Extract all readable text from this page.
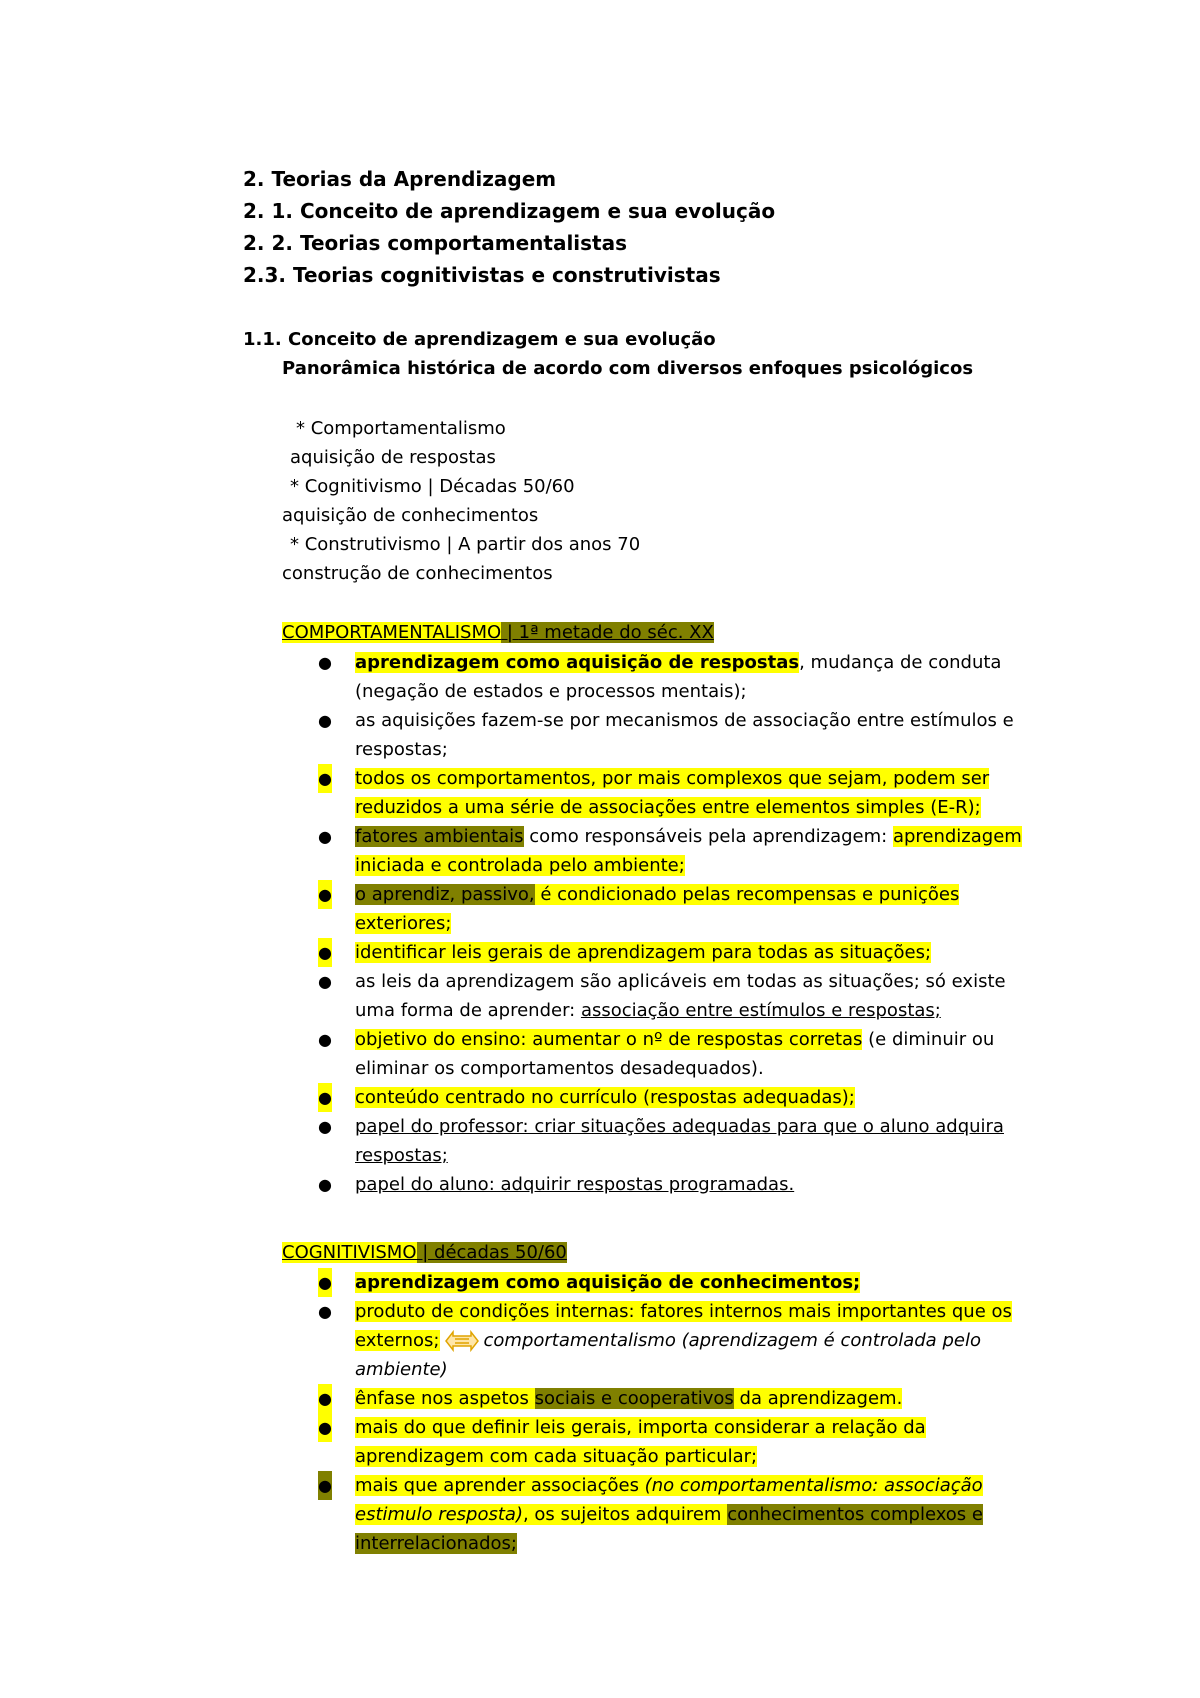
2. Teorias da Aprendizagem
2. 1. Conceito de aprendizagem e sua evolução
2. 2. Teorias comportamentalistas
2.3. Teorias cognitivistas e construtivistas
1.1. Conceito de aprendizagem e sua evolução
Panorâmica histórica de acordo com diversos enfoques psicológicos
* Comportamentalismo
aquisição de respostas
* Cognitivismo | Décadas 50/60
aquisição de conhecimentos
* Construtivismo | A partir dos anos 70
construção de conhecimentos
COMPORTAMENTALISMO | 1ª metade do séc. XX
● aprendizagem como aquisição de respostas, mudança de conduta
(negação de estados e processos mentais);
● as aquisições fazem-se por mecanismos de associação entre estímulos e
respostas;
● todos os comportamentos, por mais complexos que sejam, podem ser
reduzidos a uma série de associações entre elementos simples (E-R);
● fatores ambientais como responsáveis pela aprendizagem: aprendizagem
iniciada e controlada pelo ambiente;
● o aprendiz, passivo, é condicionado pelas recompensas e punições
exteriores;
● identificar leis gerais de aprendizagem para todas as situações;
● as leis da aprendizagem são aplicáveis em todas as situações; só existe
uma forma de aprender: associação entre estímulos e respostas;
● objetivo do ensino: aumentar o nº de respostas corretas (e diminuir ou
eliminar os comportamentos desadequados).
● conteúdo centrado no currículo (respostas adequadas);
● papel do professor: criar situações adequadas para que o aluno adquira
respostas;
● papel do aluno: adquirir respostas programadas.
COGNITIVISMO | décadas 50/60
● aprendizagem como aquisição de conhecimentos;
● produto de condições internas: fatores internos mais importantes que os
externos; comportamentalismo (aprendizagem é controlada pelo
ambiente)
● ênfase nos aspetos sociais e cooperativos da aprendizagem.
● mais do que definir leis gerais, importa considerar a relação da
aprendizagem com cada situação particular;
● mais que aprender associações (no comportamentalismo: associação
estimulo resposta), os sujeitos adquirem conhecimentos complexos e
interrelacionados;
